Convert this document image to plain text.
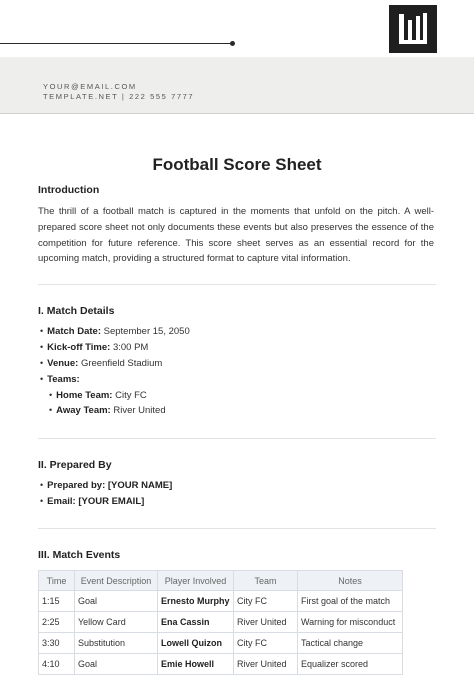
YOUR@EMAIL.COM
TEMPLATE.NET | 222 555 7777
Football Score Sheet
Introduction
The thrill of a football match is captured in the moments that unfold on the pitch. A well-prepared score sheet not only documents these events but also preserves the essence of the competition for future reference. This score sheet serves as an essential record for the upcoming match, providing a structured format to capture vital information.
I. Match Details
• Match Date: September 15, 2050
• Kick-off Time: 3:00 PM
• Venue: Greenfield Stadium
• Teams:
• Home Team: City FC
• Away Team: River United
II. Prepared By
• Prepared by: [YOUR NAME]
• Email: [YOUR EMAIL]
III. Match Events
Time	Event Description	Player Involved	Team	Notes
1:15	Goal	Ernesto Murphy	City FC	First goal of the match
2:25	Yellow Card	Ena Cassin	River United	Warning for misconduct
3:30	Substitution	Lowell Quizon	City FC	Tactical change
4:10	Goal	Emie Howell	River United	Equalizer scored
